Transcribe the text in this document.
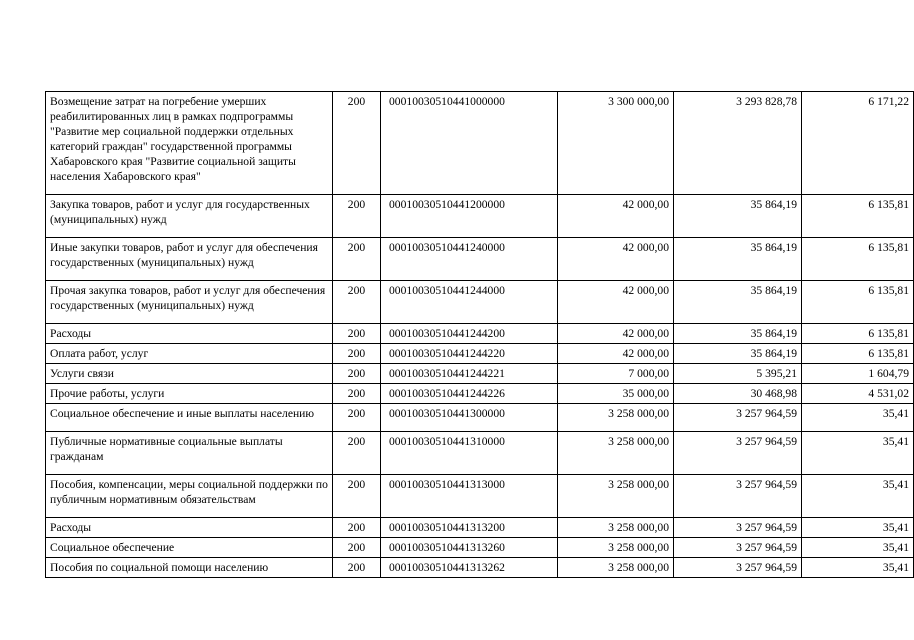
Возмещение затрат на погребение умерших реабилитированных лиц в рамках подпрограммы "Развитие мер социальной поддержки отдельных категорий граждан" государственной программы Хабаровского края "Развитие социальной защиты населения Хабаровского края"	200	00010030510441000000	3 300 000,00	3 293 828,78	6 171,22
Закупка товаров, работ и услуг для государственных (муниципальных) нужд	200	00010030510441200000	42 000,00	35 864,19	6 135,81
Иные закупки товаров, работ и услуг для обеспечения государственных (муниципальных) нужд	200	00010030510441240000	42 000,00	35 864,19	6 135,81
Прочая закупка товаров, работ и услуг для обеспечения государственных (муниципальных) нужд	200	00010030510441244000	42 000,00	35 864,19	6 135,81
Расходы	200	00010030510441244200	42 000,00	35 864,19	6 135,81
Оплата работ, услуг	200	00010030510441244220	42 000,00	35 864,19	6 135,81
Услуги связи	200	00010030510441244221	7 000,00	5 395,21	1 604,79
Прочие работы, услуги	200	00010030510441244226	35 000,00	30 468,98	4 531,02
Социальное обеспечение и иные выплаты населению	200	00010030510441300000	3 258 000,00	3 257 964,59	35,41
Публичные нормативные социальные выплаты гражданам	200	00010030510441310000	3 258 000,00	3 257 964,59	35,41
Пособия, компенсации, меры социальной поддержки по публичным нормативным обязательствам	200	00010030510441313000	3 258 000,00	3 257 964,59	35,41
Расходы	200	00010030510441313200	3 258 000,00	3 257 964,59	35,41
Социальное обеспечение	200	00010030510441313260	3 258 000,00	3 257 964,59	35,41
Пособия по социальной помощи населению	200	00010030510441313262	3 258 000,00	3 257 964,59	35,41
